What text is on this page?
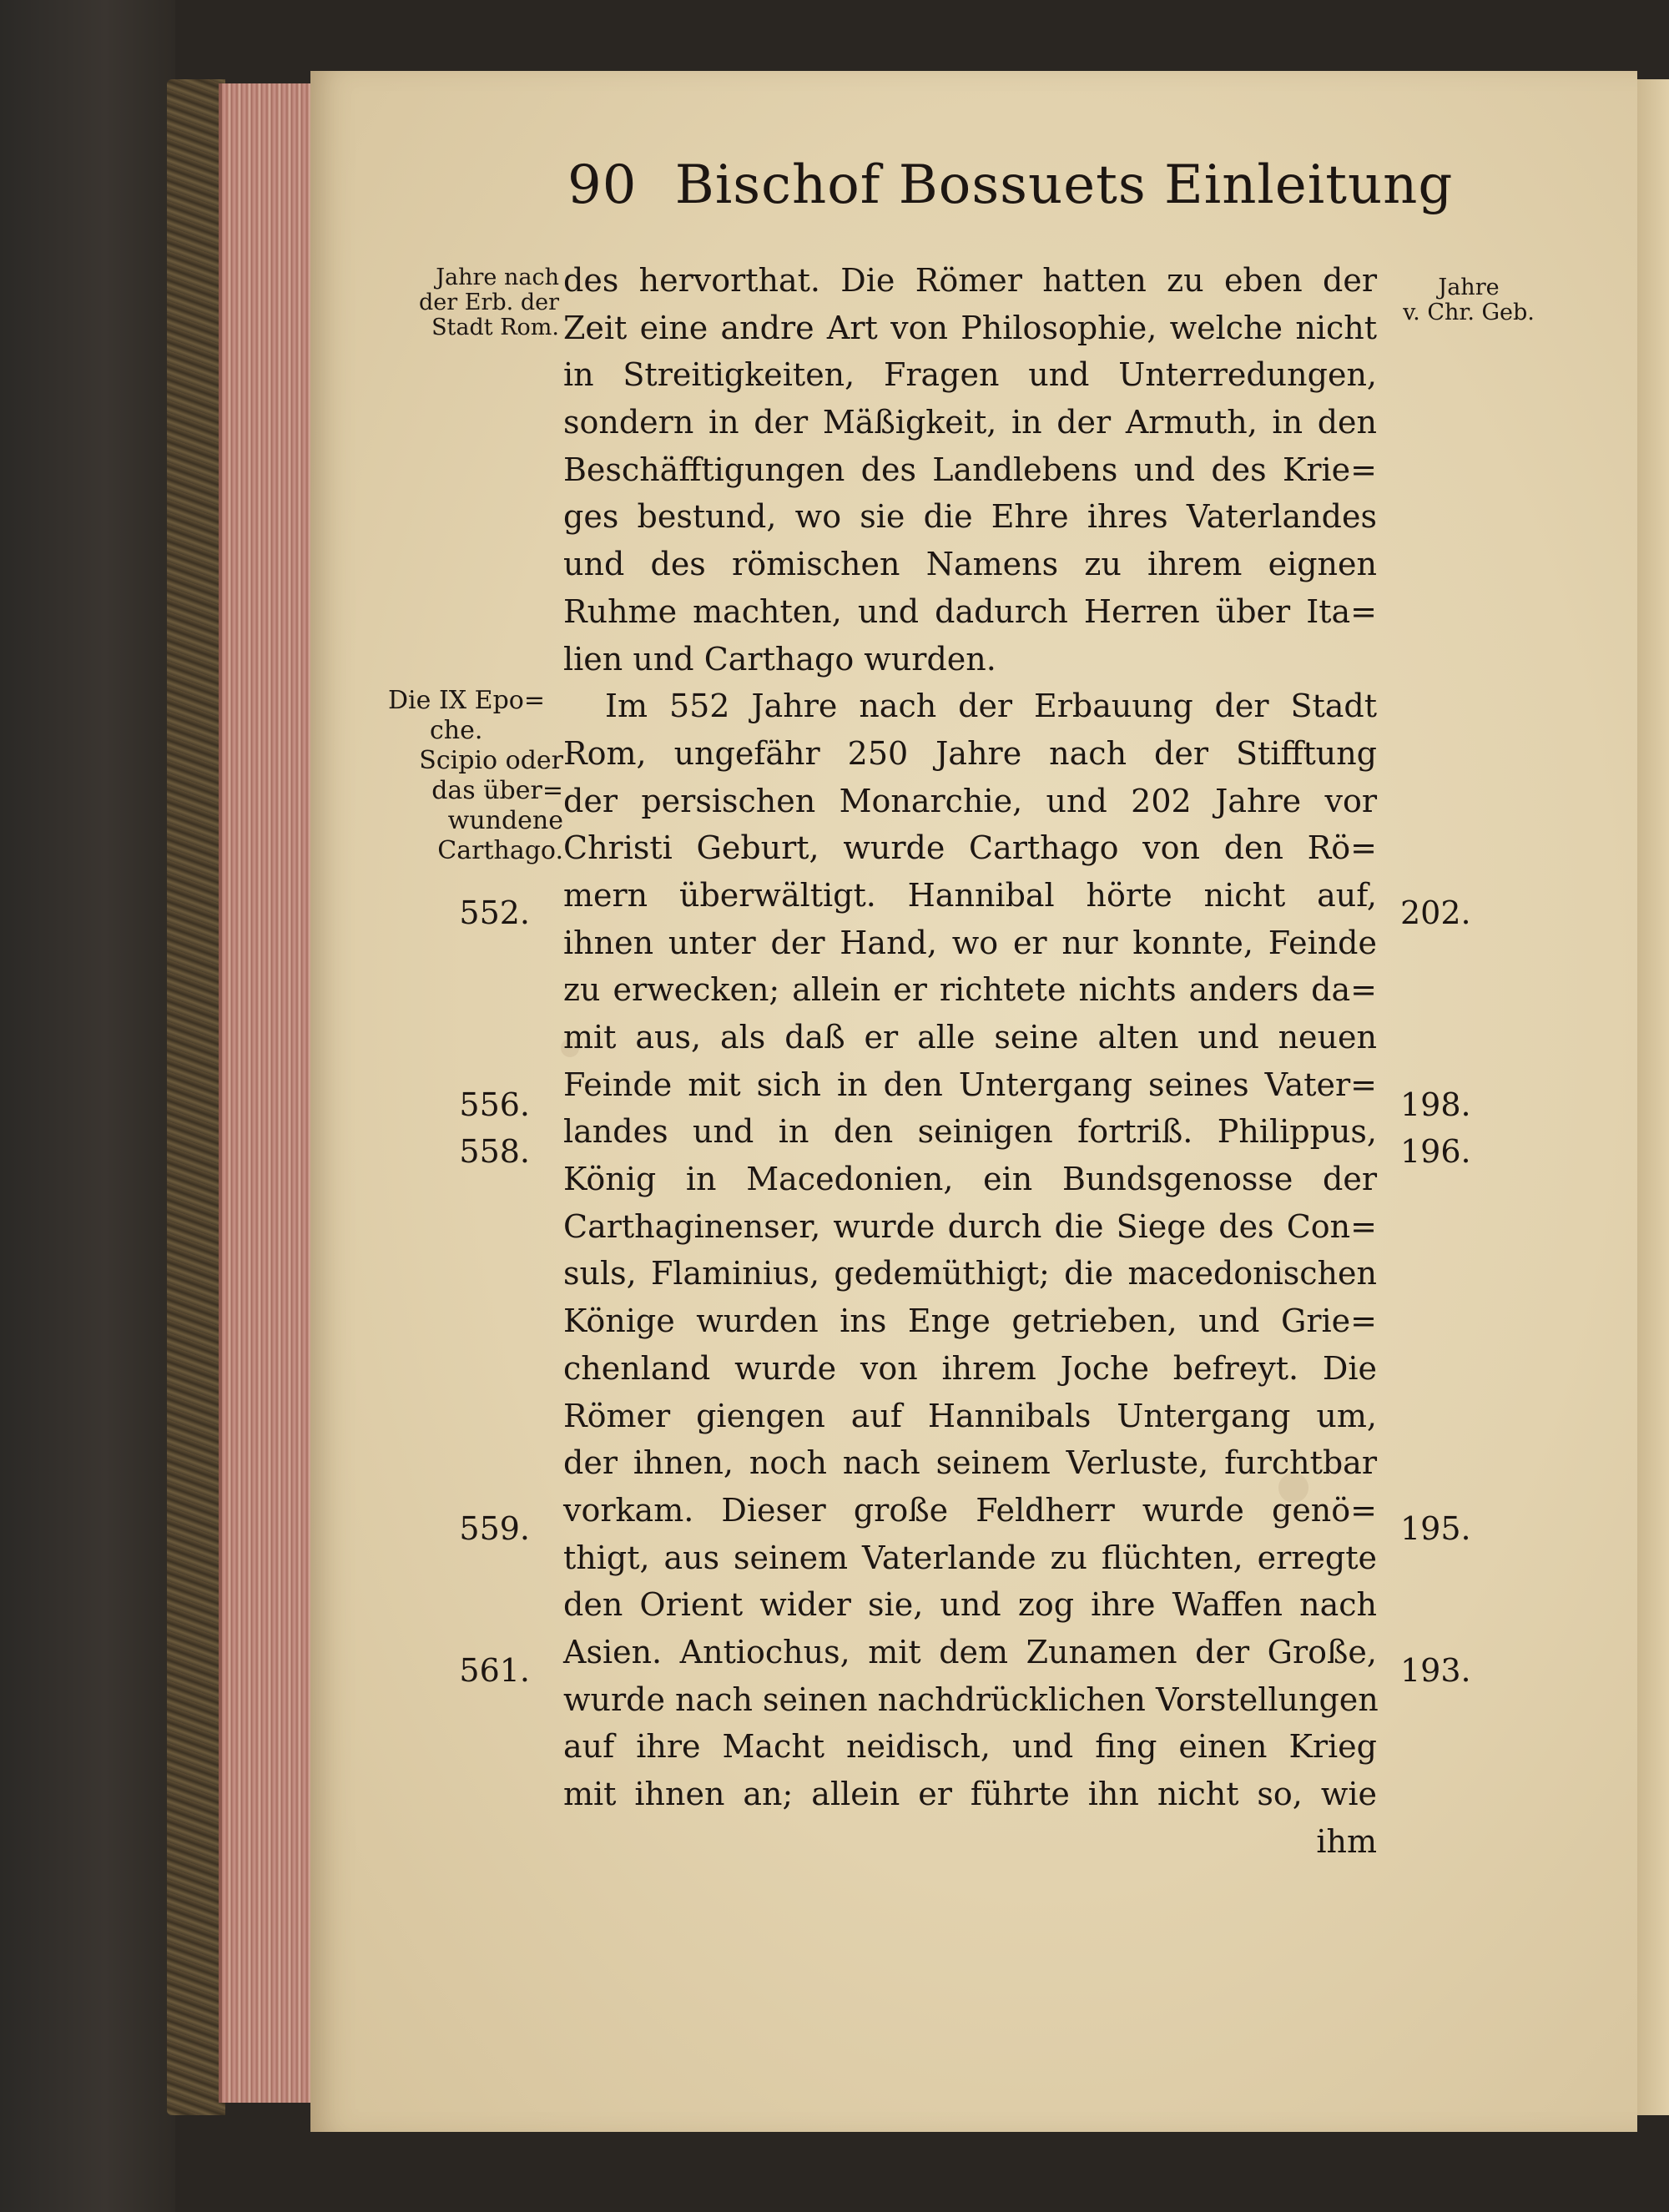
90 Bischof Bossuets Einleitung
Jahre nach
der Erb. der
Stadt Rom.
Jahre
v. Chr. Geb.
Die IX Epo=
che.
Scipio oder
das über=
wundene
Carthago.
des hervorthat. Die Römer hatten zu eben der
Zeit eine andre Art von Philosophie, welche nicht
in Streitigkeiten, Fragen und Unterredungen,
sondern in der Mäßigkeit, in der Armuth, in den
Beschäfftigungen des Landlebens und des Krie=
ges bestund, wo sie die Ehre ihres Vaterlandes
und des römischen Namens zu ihrem eignen
Ruhme machten, und dadurch Herren über Ita=
lien und Carthago wurden.
Im 552 Jahre nach der Erbauung der Stadt
Rom, ungefähr 250 Jahre nach der Stifftung
der persischen Monarchie, und 202 Jahre vor
Christi Geburt, wurde Carthago von den Rö=
mern überwältigt. Hannibal hörte nicht auf,
ihnen unter der Hand, wo er nur konnte, Feinde
zu erwecken; allein er richtete nichts anders da=
mit aus, als daß er alle seine alten und neuen
Feinde mit sich in den Untergang seines Vater=
landes und in den seinigen fortriß. Philippus,
König in Macedonien, ein Bundsgenosse der
Carthaginenser, wurde durch die Siege des Con=
suls, Flaminius, gedemüthigt; die macedonischen
Könige wurden ins Enge getrieben, und Grie=
chenland wurde von ihrem Joche befreyt. Die
Römer giengen auf Hannibals Untergang um,
der ihnen, noch nach seinem Verluste, furchtbar
vorkam. Dieser große Feldherr wurde genö=
thigt, aus seinem Vaterlande zu flüchten, erregte
den Orient wider sie, und zog ihre Waffen nach
Asien. Antiochus, mit dem Zunamen der Große,
wurde nach seinen nachdrücklichen Vorstellungen
auf ihre Macht neidisch, und fing einen Krieg
mit ihnen an; allein er führte ihn nicht so, wie
ihm
552.	202.
556.	198.
558.	196.
559.	195.
561.	193.
